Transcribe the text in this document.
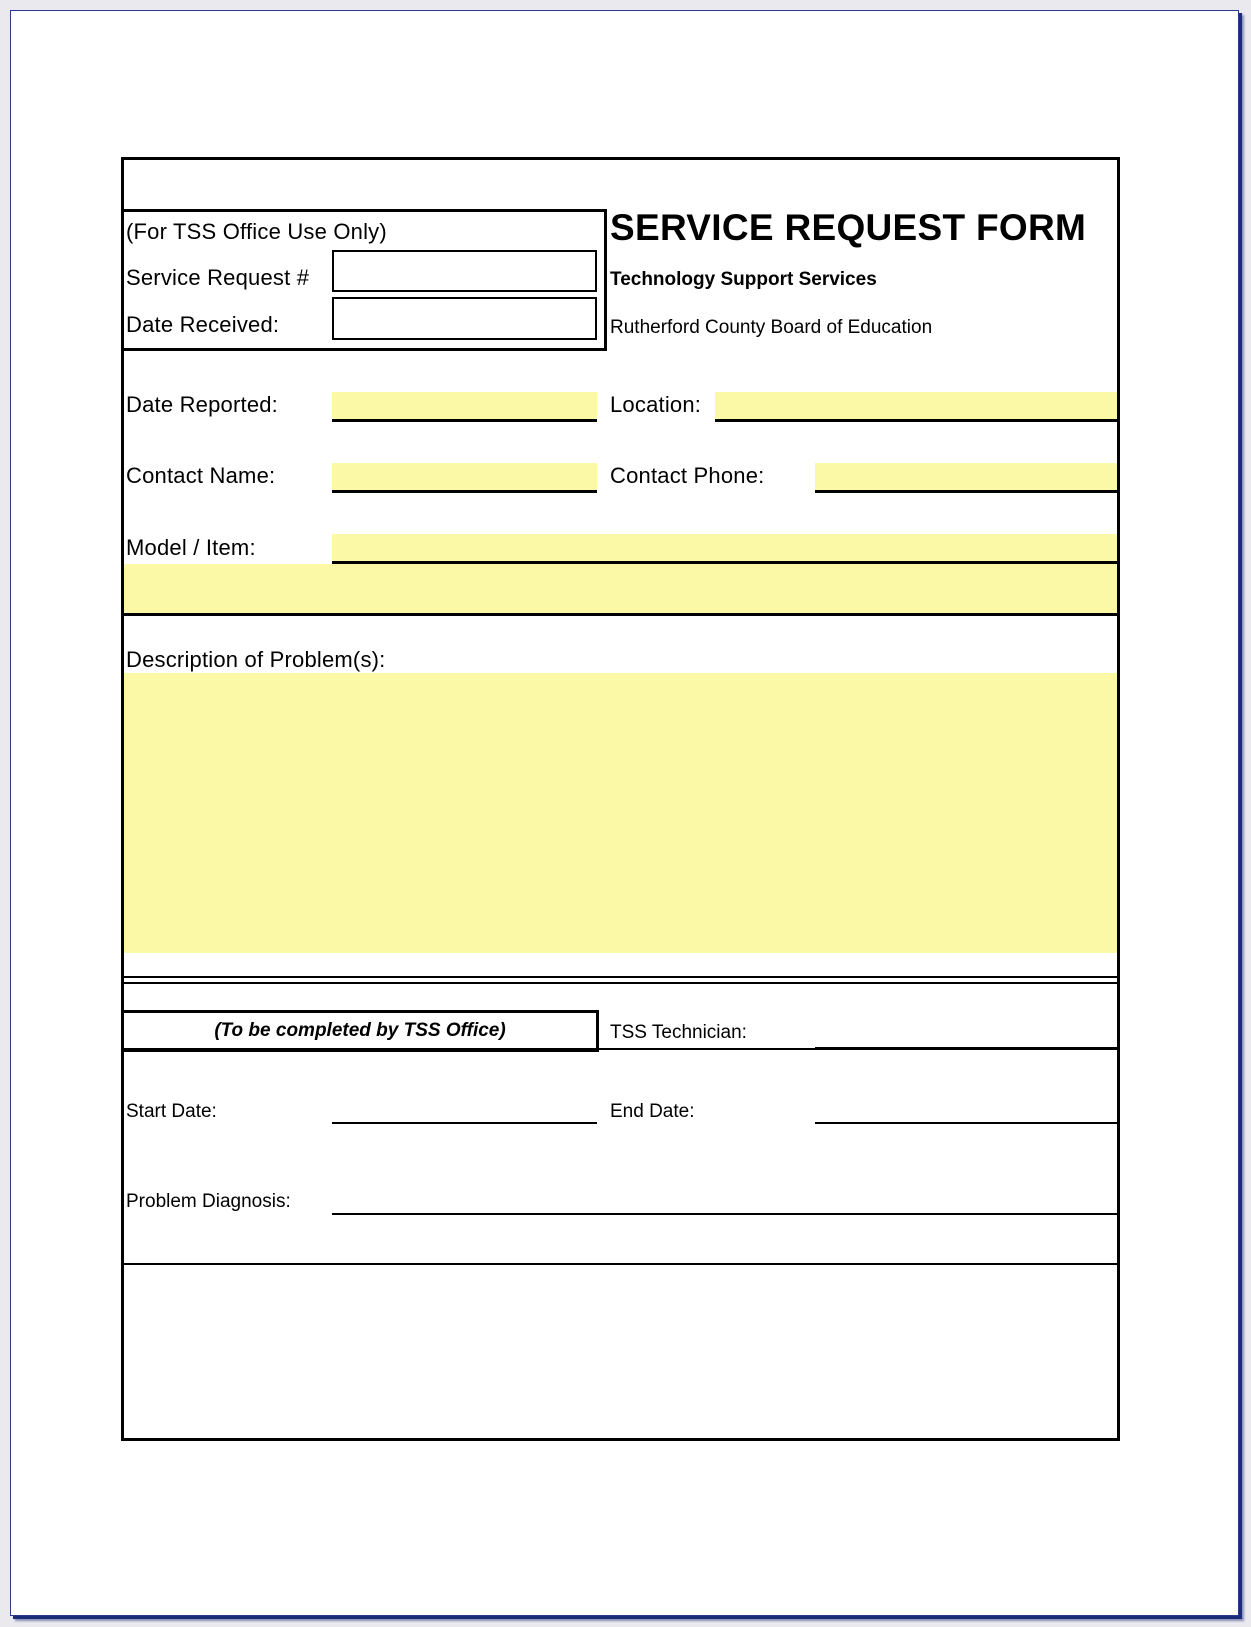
(For TSS Office Use Only)
Service Request #
Date Received:
SERVICE REQUEST FORM
Technology Support Services
Rutherford County Board of Education
Date Reported:	Location:
Contact Name:	Contact Phone:
Model / Item:
Description of Problem(s):
(To be completed by TSS Office)	TSS Technician:
Start Date:	End Date:
Problem Diagnosis:
